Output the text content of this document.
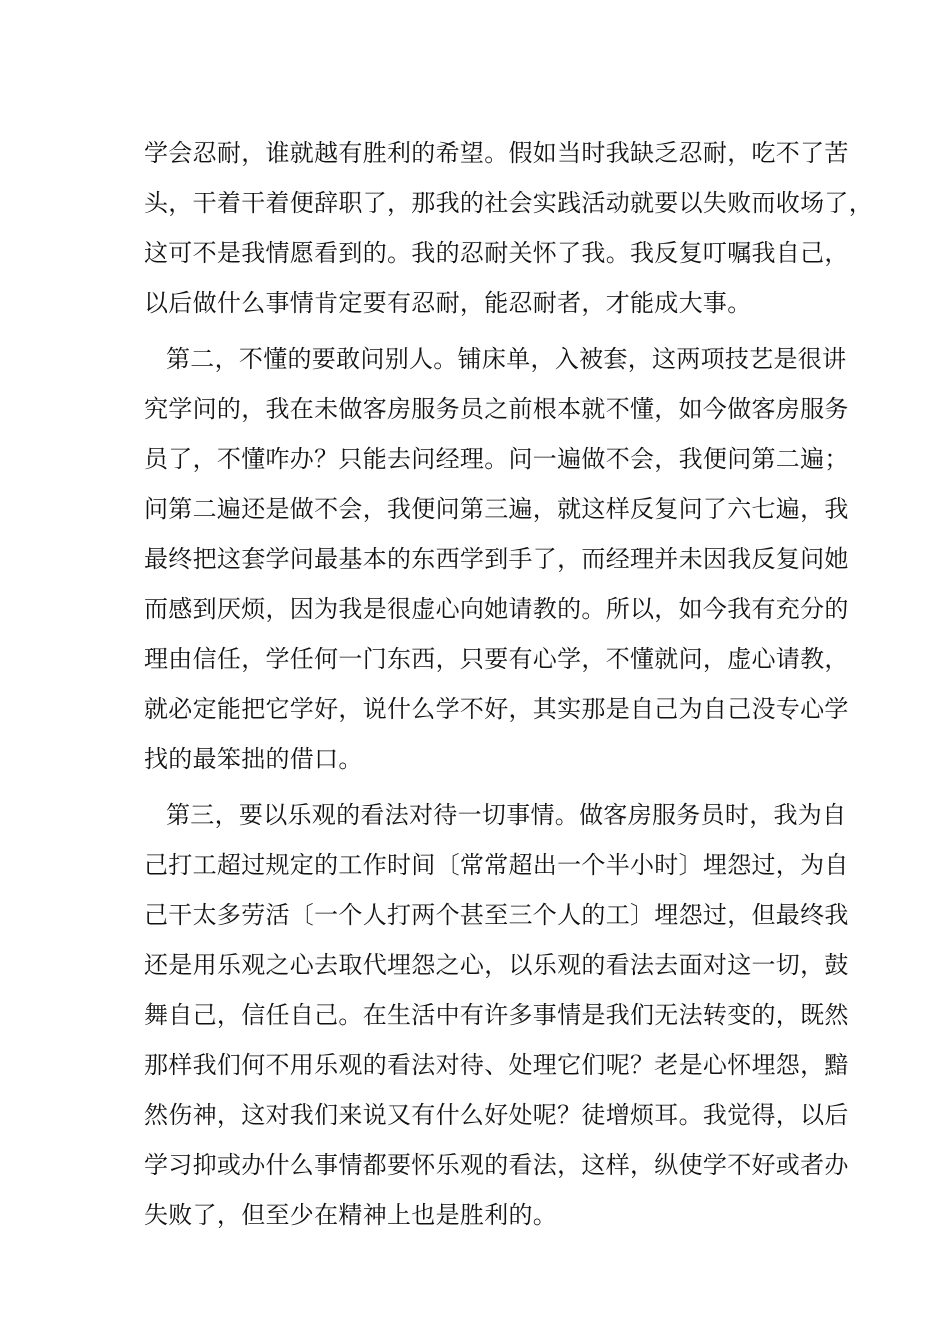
学会忍耐，谁就越有胜利的希望。假如当时我缺乏忍耐，吃不了苦
头，干着干着便辞职了，那我的社会实践活动就要以失败而收场了，
这可不是我情愿看到的。我的忍耐关怀了我。我反复叮嘱我自己，
以后做什么事情肯定要有忍耐，能忍耐者，才能成大事。
第二，不懂的要敢问别人。铺床单，入被套，这两项技艺是很讲
究学问的，我在未做客房服务员之前根本就不懂，如今做客房服务
员了，不懂咋办？只能去问经理。问一遍做不会，我便问第二遍；
问第二遍还是做不会，我便问第三遍，就这样反复问了六七遍，我
最终把这套学问最基本的东西学到手了，而经理并未因我反复问她
而感到厌烦，因为我是很虚心向她请教的。所以，如今我有充分的
理由信任，学任何一门东西，只要有心学，不懂就问，虚心请教，
就必定能把它学好，说什么学不好，其实那是自己为自己没专心学
找的最笨拙的借口。
第三，要以乐观的看法对待一切事情。做客房服务员时，我为自
己打工超过规定的工作时间〔常常超出一个半小时〕埋怨过，为自
己干太多劳活〔一个人打两个甚至三个人的工〕埋怨过，但最终我
还是用乐观之心去取代埋怨之心，以乐观的看法去面对这一切，鼓
舞自己，信任自己。在生活中有许多事情是我们无法转变的，既然
那样我们何不用乐观的看法对待、处理它们呢？老是心怀埋怨，黯
然伤神，这对我们来说又有什么好处呢？徒增烦耳。我觉得，以后
学习抑或办什么事情都要怀乐观的看法，这样，纵使学不好或者办
失败了，但至少在精神上也是胜利的。
